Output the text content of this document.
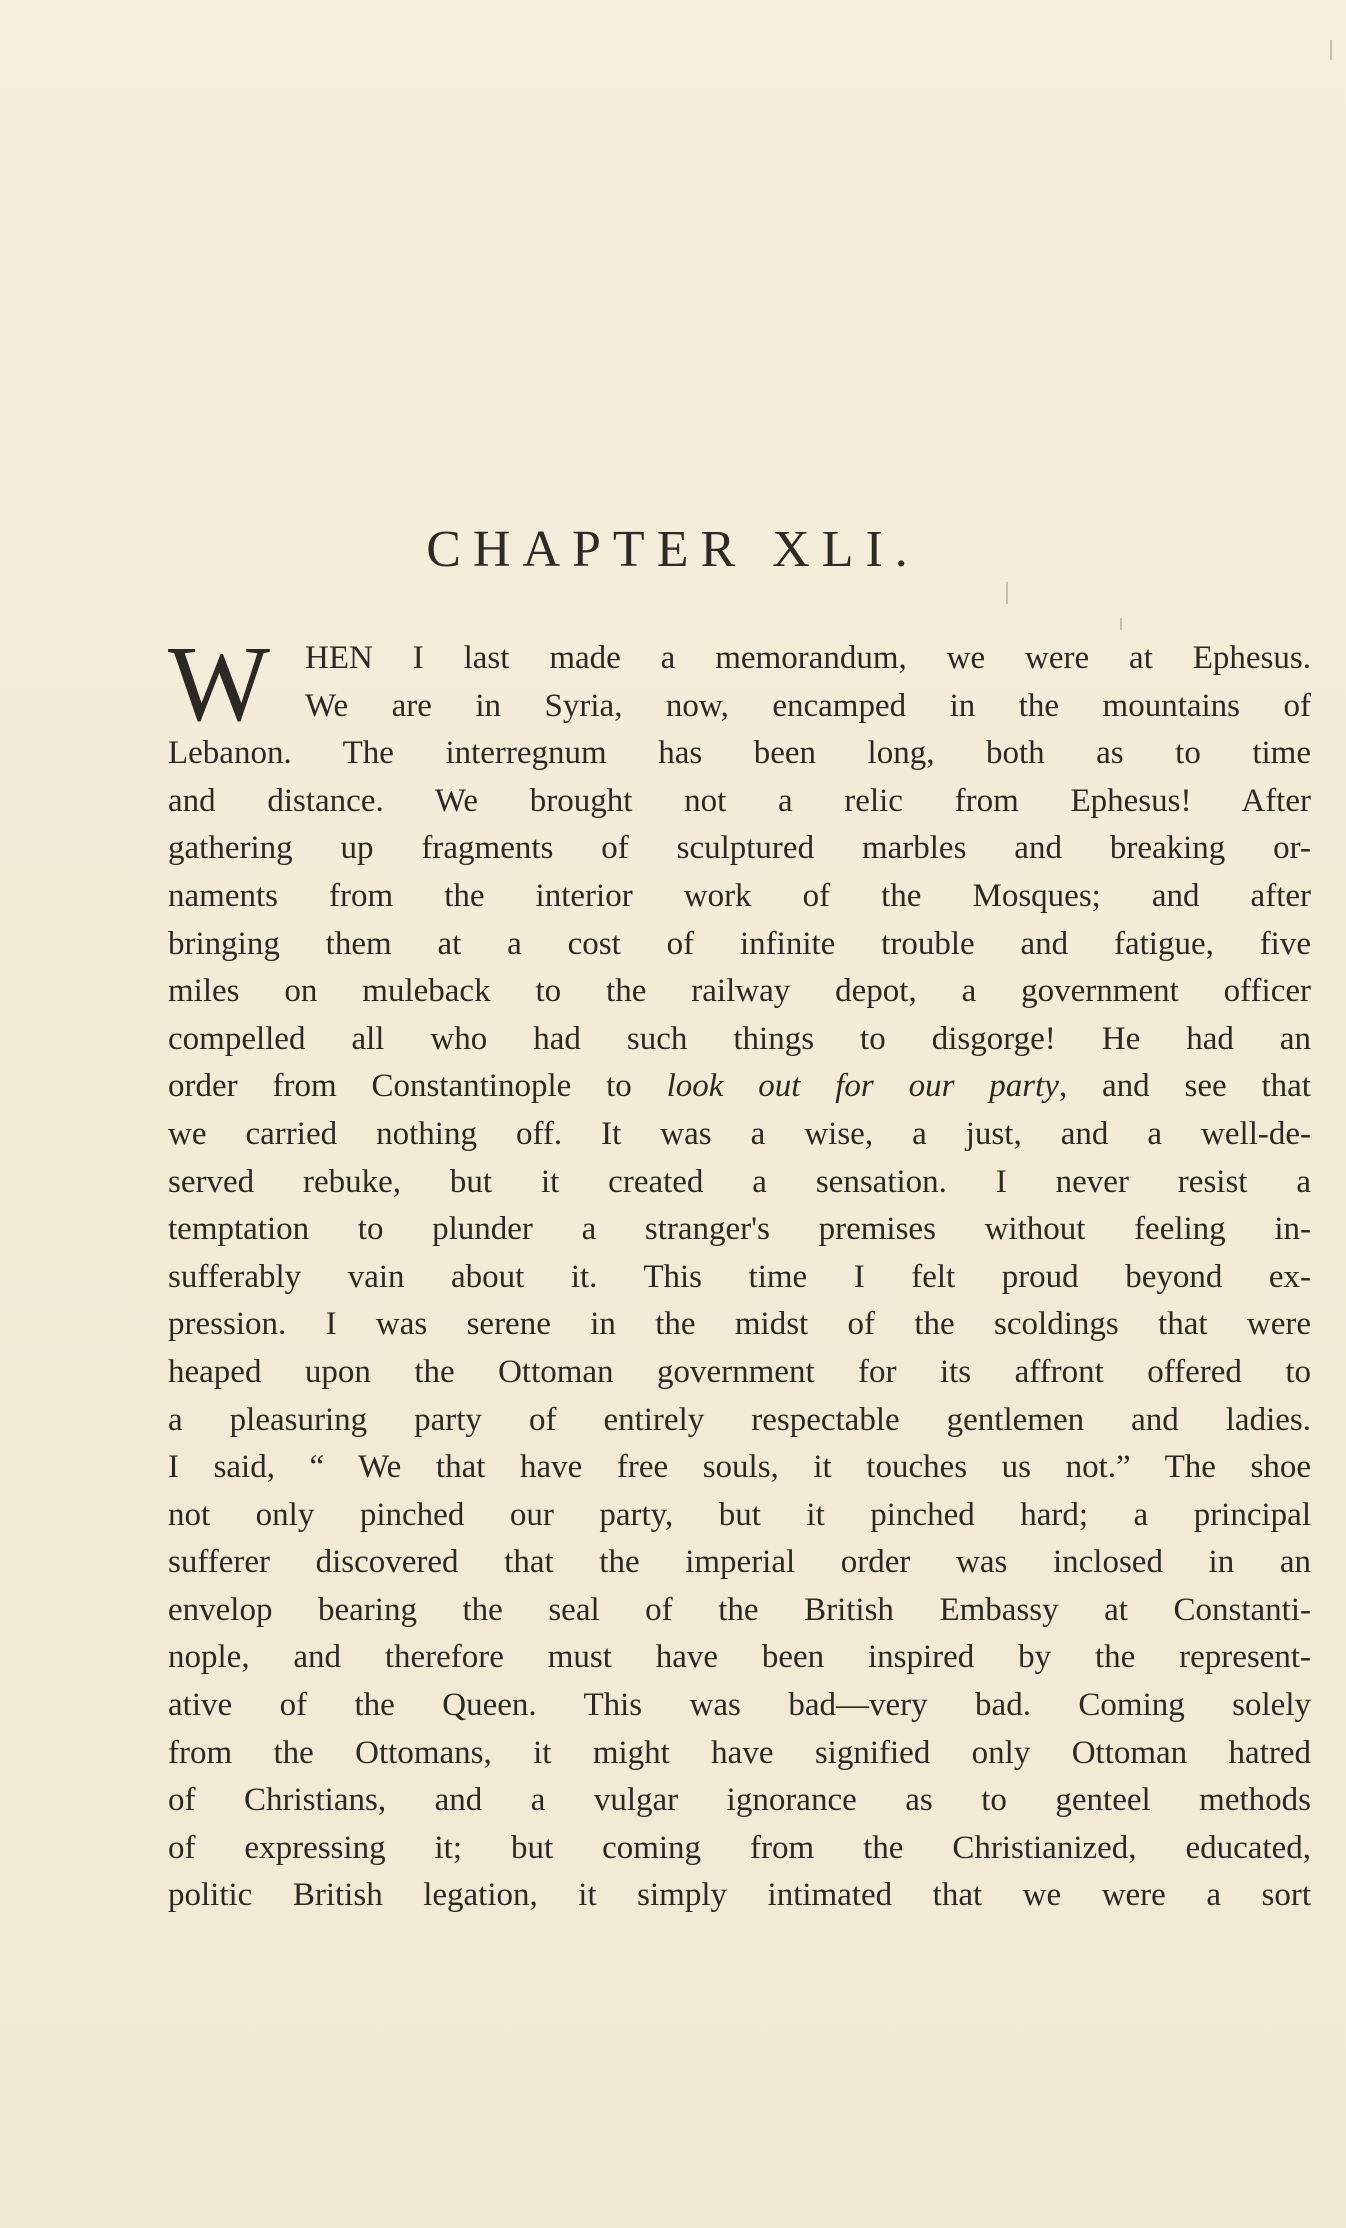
CHAPTER XLI.
W	HEN I last made a memorandum, we were at Ephesus.
We are in Syria, now, encamped in the mountains of
Lebanon. The interregnum has been long, both as to time
and distance. We brought not a relic from Ephesus! After
gathering up fragments of sculptured marbles and breaking or-
naments from the interior work of the Mosques; and after
bringing them at a cost of infinite trouble and fatigue, five
miles on muleback to the railway depot, a government officer
compelled all who had such things to disgorge! He had an
order from Constantinople to look out for our party, and see that
we carried nothing off. It was a wise, a just, and a well-de-
served rebuke, but it created a sensation. I never resist a
temptation to plunder a stranger's premises without feeling in-
sufferably vain about it. This time I felt proud beyond ex-
pression. I was serene in the midst of the scoldings that were
heaped upon the Ottoman government for its affront offered to
a pleasuring party of entirely respectable gentlemen and ladies.
I said, “ We that have free souls, it touches us not.” The shoe
not only pinched our party, but it pinched hard; a principal
sufferer discovered that the imperial order was inclosed in an
envelop bearing the seal of the British Embassy at Constanti-
nople, and therefore must have been inspired by the represent-
ative of the Queen. This was bad—very bad. Coming solely
from the Ottomans, it might have signified only Ottoman hatred
of Christians, and a vulgar ignorance as to genteel methods
of expressing it; but coming from the Christianized, educated,
politic British legation, it simply intimated that we were a sort
